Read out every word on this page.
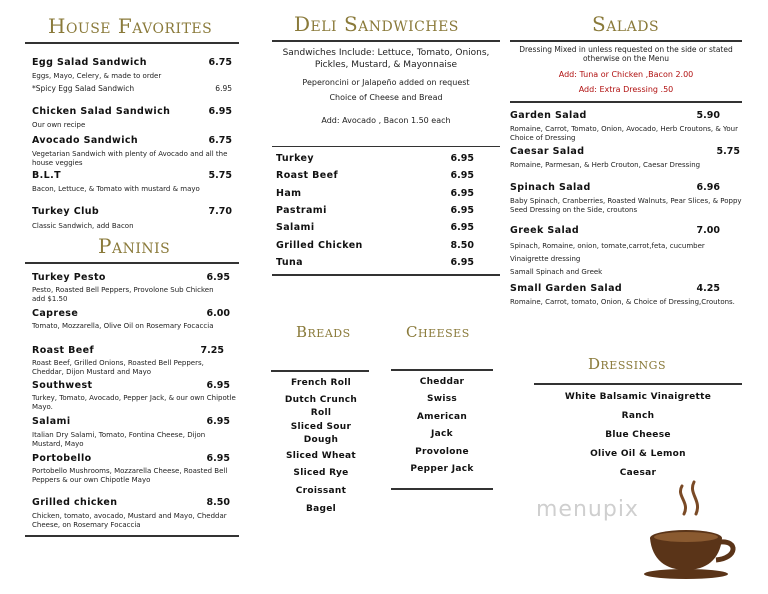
House Favorites
Egg Salad Sandwich	6.75
Eggs, Mayo, Celery, & made to order
*Spicy Egg Salad Sandwich	6.95
Chicken Salad Sandwich	6.95
Our own recipe
Avocado Sandwich	6.75
Vegetarian Sandwich with plenty of Avocado and all the house veggies
B.L.T	5.75
Bacon, Lettuce, & Tomato with mustard & mayo
Turkey Club	7.70
Classic Sandwich, add Bacon
Paninis
Turkey Pesto	6.95
Pesto, Roasted Bell Peppers, Provolone Sub Chicken add $1.50
Caprese	6.00
Tomato, Mozzarella, Olive Oil on Rosemary Focaccia
Roast Beef	7.25
Roast Beef, Grilled Onions, Roasted Bell Peppers, Cheddar, Dijon Mustard and Mayo
Southwest	6.95
Turkey, Tomato, Avocado, Pepper Jack, & our own Chipotle Mayo.
Salami	6.95
Italian Dry Salami, Tomato, Fontina Cheese, Dijon Mustard, Mayo
Portobello	6.95
Portobello Mushrooms, Mozzarella Cheese, Roasted Bell Peppers & our own Chipotle Mayo
Grilled chicken	8.50
Chicken, tomato, avocado, Mustard and Mayo, Cheddar Cheese, on Rosemary Focaccia
Deli Sandwiches
Sandwiches Include: Lettuce, Tomato, Onions, Pickles, Mustard, & Mayonnaise
Peperoncini or Jalapeño added on request
Choice of Cheese and Bread
Add: Avocado , Bacon 1.50 each
Turkey	6.95
Roast Beef	6.95
Ham	6.95
Pastrami	6.95
Salami	6.95
Grilled Chicken	8.50
Tuna	6.95
Breads
French Roll
Dutch Crunch Roll
Sliced Sour Dough
Sliced Wheat
Sliced Rye
Croissant
Bagel
Cheeses
Cheddar
Swiss
American
Jack
Provolone
Pepper Jack
Salads
Dressing Mixed in unless requested on the side or stated otherwise on the Menu
Add: Tuna or Chicken ,Bacon 2.00
Add: Extra Dressing .50
Garden Salad	5.90
Romaine, Carrot, Tomato, Onion, Avocado, Herb Croutons, & Your Choice of Dressing
Caesar Salad	5.75
Romaine, Parmesan, & Herb Crouton, Caesar Dressing
Spinach Salad	6.96
Baby Spinach, Cranberries, Roasted Walnuts, Pear Slices, & Poppy Seed Dressing on the Side, croutons
Greek Salad	7.00
Spinach, Romaine, onion, tomate,carrot,feta, cucumber Vinaigrette dressing
Samall Spinach and Greek
Small Garden Salad	4.25
Romaine, Carrot, tomato, Onion, & Choice of Dressing,Croutons.
Dressings
White Balsamic Vinaigrette
Ranch
Blue Cheese
Olive Oil & Lemon
Caesar
menupix
